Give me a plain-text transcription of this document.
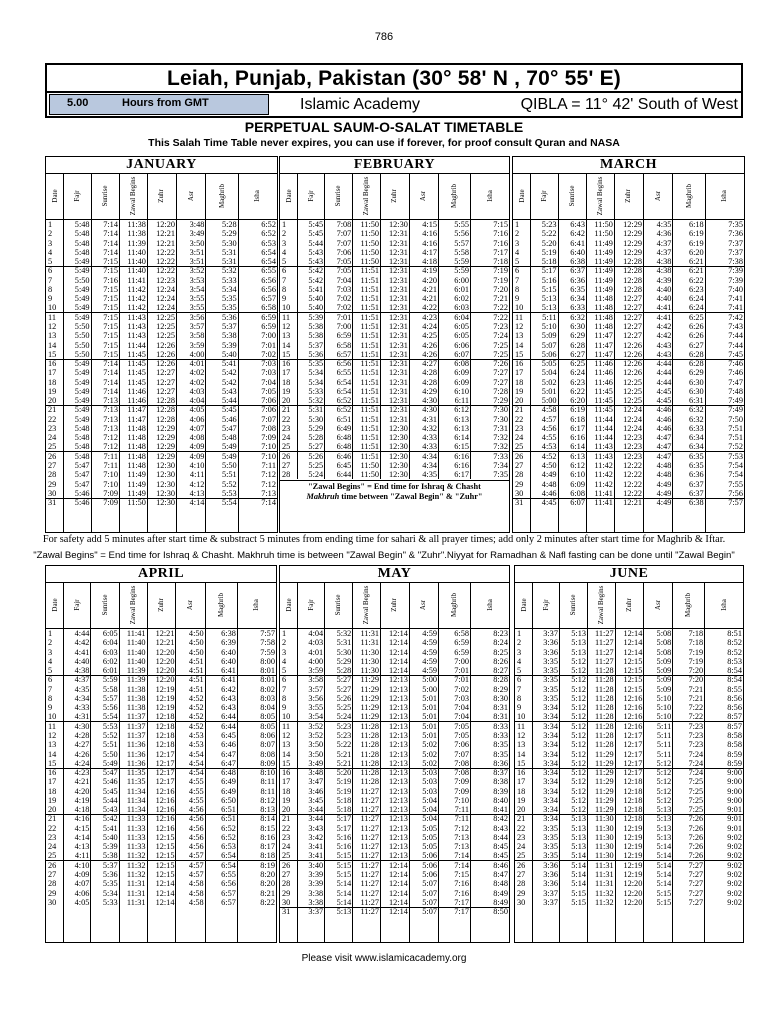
786
Leiah, Punjab, Pakistan (30° 58' N , 70° 55' E)
5.00	Hours from GMT	Islamic Academy	QIBLA = 11° 42' South of West
PERPETUAL SAUM-O-SALAT TIMETABLE
This Salah Time Table never expires, you can use if forever, for proof consult Quran and NASA
For safety add 5 minutes after start time & substract 5 minutes from ending time for sahari & all prayer times; add only 2 minutes after start time for Maghrib & Iftar.
"Zawal Begins" = End time for Ishraq & Chasht. Makhruh time is between "Zawal Begin" & "Zuhr".Niyyat for Ramadhan & Nafl fasting can be done until "Zawal Begin"
Please visit www.islamicacademy.org
JANUARY
Date Fajr	Sunrise	Zawal Begins	Zuhr	Asr	Maghrib	Isha
1	5:48	7:14	11:38	12:20	3:48	5:28	6:52
2	5:48	7:14	11:38	12:21	3:49	5:29	6:52
3	5:48	7:14	11:39	12:21	3:50	5:30	6:53
4	5:48	7:14	11:40	12:22	3:51	5:31	6:54
5	5:49	7:15	11:40	12:22	3:51	5:31	6:54
6	5:49	7:15	11:40	12:22	3:52	5:32	6:55
7	5:50	7:16	11:41	12:23	3:53	5:33	6:56
8	5:49	7:15	11:42	12:24	3:54	5:34	6:56
9	5:49	7:15	11:42	12:24	3:55	5:35	6:57
10	5:49	7:15	11:42	12:24	3:55	5:35	6:58
11	5:49	7:15	11:43	12:25	3:56	5:36	6:59
12	5:50	7:15	11:43	12:25	3:57	5:37	6:59
13	5:50	7:15	11:43	12:25	3:58	5:38	7:00
14	5:50	7:15	11:44	12:26	3:59	5:39	7:01
15	5:50	7:15	11:45	12:26	4:00	5:40	7:02
16	5:49	7:14	11:45	12:26	4:01	5:41	7:03
17	5:49	7:14	11:45	12:27	4:02	5:42	7:03
18	5:49	7:14	11:45	12:27	4:02	5:42	7:04
19	5:49	7:14	11:46	12:27	4:03	5:43	7:05
20	5:49	7:13	11:46	12:28	4:04	5:44	7:06
21	5:49	7:13	11:47	12:28	4:05	5:45	7:06
22	5:49	7:13	11:47	12:28	4:06	5:46	7:07
23	5:48	7:13	11:48	12:29	4:07	5:47	7:08
24	5:48	7:12	11:48	12:29	4:08	5:48	7:09
25	5:48	7:12	11:48	12:29	4:09	5:49	7:10
26	5:48	7:11	11:48	12:29	4:09	5:49	7:10
27	5:47	7:11	11:48	12:30	4:10	5:50	7:11
28	5:47	7:10	11:49	12:30	4:11	5:51	7:12
29	5:47	7:10	11:49	12:30	4:12	5:52	7:12
30	5:46	7:09	11:49	12:30	4:13	5:53	7:13
31	5:46	7:09	11:50	12:30	4:14	5:54	7:14
FEBRUARY
Date Fajr	Sunrise	Zawal Begins	Zuhr	Asr	Maghrib	Isha
1	5:45	7:08	11:50	12:30	4:15	5:55	7:15
2	5:45	7:07	11:50	12:31	4:16	5:56	7:16
3	5:44	7:07	11:50	12:31	4:16	5:57	7:16
4	5:43	7:06	11:50	12:31	4:17	5:58	7:17
5	5:43	7:05	11:50	12:31	4:18	5:59	7:18
6	5:42	7:05	11:51	12:31	4:19	5:59	7:19
7	5:42	7:04	11:51	12:31	4:20	6:00	7:19
8	5:41	7:03	11:51	12:31	4:21	6:01	7:20
9	5:40	7:02	11:51	12:31	4:21	6:02	7:21
10	5:40	7:02	11:51	12:31	4:22	6:03	7:22
11	5:39	7:01	11:51	12:31	4:23	6:04	7:22
12	5:38	7:00	11:51	12:31	4:24	6:05	7:23
13	5:38	6:59	11:51	12:31	4:25	6:05	7:24
14	5:37	6:58	11:51	12:31	4:26	6:06	7:25
15	5:36	6:57	11:51	12:31	4:26	6:07	7:25
16	5:35	6:56	11:51	12:31	4:27	6:08	7:26
17	5:34	6:55	11:51	12:31	4:28	6:09	7:27
18	5:34	6:54	11:51	12:31	4:28	6:09	7:27
19	5:33	6:54	11:51	12:31	4:29	6:10	7:28
20	5:32	6:52	11:51	12:31	4:30	6:11	7:29
21	5:31	6:52	11:51	12:31	4:30	6:12	7:30
22	5:30	6:51	11:51	12:31	4:31	6:13	7:30
23	5:29	6:49	11:51	12:30	4:32	6:13	7:31
24	5:28	6:48	11:51	12:30	4:33	6:14	7:32
25	5:27	6:48	11:51	12:30	4:33	6:15	7:32
26	5:26	6:46	11:51	12:30	4:34	6:16	7:33
27	5:25	6:45	11:50	12:30	4:34	6:16	7:34
28	5:24	6:44	11:50	12:30	4:35	6:17	7:35
"Zawal Begins" = End time for Ishraq & Chasht
Makhruh time between "Zawal Begin" & "Zuhr"
MARCH
Date Fajr	Sunrise	Zawal Begins	Zuhr	Asr	Maghrib	Isha
1	5:23	6:43	11:50	12:29	4:35	6:18	7:35
2	5:22	6:42	11:50	12:29	4:36	6:19	7:36
3	5:20	6:41	11:49	12:29	4:37	6:19	7:37
4	5:19	6:40	11:49	12:29	4:37	6:20	7:37
5	5:18	6:38	11:49	12:28	4:38	6:21	7:38
6	5:17	6:37	11:49	12:28	4:38	6:21	7:39
7	5:16	6:36	11:49	12:28	4:39	6:22	7:39
8	5:15	6:35	11:49	12:28	4:40	6:23	7:40
9	5:13	6:34	11:48	12:27	4:40	6:24	7:41
10	5:13	6:33	11:48	12:27	4:41	6:24	7:41
11	5:11	6:32	11:48	12:27	4:41	6:25	7:42
12	5:10	6:30	11:48	12:27	4:42	6:26	7:43
13	5:09	6:29	11:47	12:27	4:42	6:26	7:44
14	5:07	6:28	11:47	12:26	4:43	6:27	7:44
15	5:06	6:27	11:47	12:26	4:43	6:28	7:45
16	5:05	6:25	11:46	12:26	4:44	6:28	7:46
17	5:04	6:24	11:46	12:26	4:44	6:29	7:46
18	5:02	6:23	11:46	12:25	4:44	6:30	7:47
19	5:01	6:22	11:45	12:25	4:45	6:30	7:48
20	5:00	6:20	11:45	12:25	4:45	6:31	7:49
21	4:58	6:19	11:45	12:24	4:46	6:32	7:49
22	4:57	6:18	11:44	12:24	4:46	6:32	7:50
23	4:56	6:17	11:44	12:24	4:46	6:33	7:51
24	4:55	6:16	11:44	12:23	4:47	6:34	7:51
25	4:53	6:14	11:43	12:23	4:47	6:34	7:52
26	4:52	6:13	11:43	12:23	4:47	6:35	7:53
27	4:50	6:12	11:42	12:22	4:48	6:35	7:54
28	4:49	6:10	11:42	12:22	4:48	6:36	7:54
29	4:48	6:09	11:42	12:22	4:49	6:37	7:55
30	4:46	6:08	11:41	12:22	4:49	6:37	7:56
31	4:45	6:07	11:41	12:21	4:49	6:38	7:57
APRIL
Date Fajr	Sunrise	Zawal Begins	Zuhr	Asr	Maghrib	Isha
1	4:44	6:05	11:41	12:21	4:50	6:38	7:57
2	4:42	6:04	11:40	12:21	4:50	6:39	7:58
3	4:41	6:03	11:40	12:20	4:50	6:40	7:59
4	4:40	6:02	11:40	12:20	4:51	6:40	8:00
5	4:38	6:01	11:39	12:20	4:51	6:41	8:01
6	4:37	5:59	11:39	12:20	4:51	6:41	8:01
7	4:35	5:58	11:38	12:19	4:51	6:42	8:02
8	4:34	5:57	11:38	12:19	4:52	6:43	8:03
9	4:33	5:56	11:38	12:19	4:52	6:43	8:04
10	4:31	5:54	11:37	12:18	4:52	6:44	8:05
11	4:30	5:53	11:37	12:18	4:52	6:44	8:05
12	4:28	5:52	11:37	12:18	4:53	6:45	8:06
13	4:27	5:51	11:36	12:18	4:53	6:46	8:07
14	4:26	5:50	11:36	12:17	4:54	6:47	8:08
15	4:24	5:49	11:36	12:17	4:54	6:47	8:09
16	4:23	5:47	11:35	12:17	4:54	6:48	8:10
17	4:21	5:46	11:35	12:17	4:55	6:49	8:11
18	4:20	5:45	11:34	12:16	4:55	6:49	8:11
19	4:19	5:44	11:34	12:16	4:55	6:50	8:12
20	4:18	5:43	11:34	12:16	4:56	6:51	8:13
21	4:16	5:42	11:33	12:16	4:56	6:51	8:14
22	4:15	5:41	11:33	12:16	4:56	6:52	8:15
23	4:14	5:40	11:33	12:15	4:56	6:52	8:16
24	4:13	5:39	11:33	12:15	4:56	6:53	8:17
25	4:11	5:38	11:32	12:15	4:57	6:54	8:18
26	4:10	5:37	11:32	12:15	4:57	6:54	8:19
27	4:09	5:36	11:32	12:15	4:57	6:55	8:20
28	4:07	5:35	11:31	12:14	4:58	6:56	8:20
29	4:06	5:34	11:31	12:14	4:58	6:57	8:21
30	4:05	5:33	11:31	12:14	4:58	6:57	8:22
MAY
Date Fajr	Sunrise	Zawal Begins	Zuhr	Asr	Maghrib	Isha
1	4:04	5:32	11:31	12:14	4:59	6:58	8:23
2	4:03	5:31	11:31	12:14	4:59	6:59	8:24
3	4:01	5:30	11:30	12:14	4:59	6:59	8:25
4	4:00	5:29	11:30	12:14	4:59	7:00	8:26
5	3:59	5:28	11:30	12:14	4:59	7:01	8:27
6	3:58	5:27	11:29	12:13	5:00	7:01	8:28
7	3:57	5:27	11:29	12:13	5:00	7:02	8:29
8	3:56	5:26	11:29	12:13	5:01	7:03	8:30
9	3:55	5:25	11:29	12:13	5:01	7:04	8:31
10	3:54	5:24	11:29	12:13	5:01	7:04	8:31
11	3:52	5:23	11:28	12:13	5:01	7:05	8:33
12	3:52	5:23	11:28	12:13	5:01	7:05	8:33
13	3:50	5:22	11:28	12:13	5:02	7:06	8:35
14	3:50	5:21	11:28	12:13	5:02	7:07	8:35
15	3:49	5:21	11:28	12:13	5:02	7:08	8:36
16	3:48	5:20	11:28	12:13	5:03	7:08	8:37
17	3:47	5:19	11:28	12:13	5:03	7:09	8:38
18	3:46	5:19	11:27	12:13	5:03	7:09	8:39
19	3:45	5:18	11:27	12:13	5:04	7:10	8:40
20	3:44	5:18	11:27	12:13	5:04	7:11	8:41
21	3:44	5:17	11:27	12:13	5:04	7:11	8:42
22	3:43	5:17	11:27	12:13	5:05	7:12	8:43
23	3:42	5:16	11:27	12:13	5:05	7:13	8:44
24	3:41	5:16	11:27	12:13	5:05	7:13	8:45
25	3:41	5:15	11:27	12:13	5:06	7:14	8:45
26	3:40	5:15	11:27	12:14	5:06	7:14	8:46
27	3:39	5:15	11:27	12:14	5:06	7:15	8:47
28	3:39	5:14	11:27	12:14	5:07	7:16	8:48
29	3:38	5:14	11:27	12:14	5:07	7:16	8:49
30	3:38	5:14	11:27	12:14	5:07	7:17	8:49
31	3:37	5:13	11:27	12:14	5:07	7:17	8:50
JUNE
Date Fajr	Sunrise	Zawal Begins	Zuhr	Asr	Maghrib	Isha
1	3:37	5:13	11:27	12:14	5:08	7:18	8:51
2	3:36	5:13	11:27	12:14	5:08	7:18	8:52
3	3:36	5:13	11:27	12:14	5:08	7:19	8:52
4	3:35	5:12	11:27	12:15	5:09	7:19	8:53
5	3:35	5:12	11:28	12:15	5:09	7:20	8:54
6	3:35	5:12	11:28	12:15	5:09	7:20	8:54
7	3:35	5:12	11:28	12:15	5:09	7:21	8:55
8	3:35	5:12	11:28	12:16	5:10	7:21	8:56
9	3:34	5:12	11:28	12:16	5:10	7:22	8:56
10	3:34	5:12	11:28	12:16	5:10	7:22	8:57
11	3:34	5:12	11:28	12:16	5:11	7:23	8:57
12	3:34	5:12	11:28	12:17	5:11	7:23	8:58
13	3:34	5:12	11:28	12:17	5:11	7:23	8:58
14	3:34	5:12	11:29	12:17	5:11	7:24	8:59
15	3:34	5:12	11:29	12:17	5:12	7:24	8:59
16	3:34	5:12	11:29	12:17	5:12	7:24	9:00
17	3:34	5:12	11:29	12:18	5:12	7:25	9:00
18	3:34	5:12	11:29	12:18	5:12	7:25	9:00
19	3:34	5:12	11:29	12:18	5:12	7:25	9:00
20	3:34	5:12	11:29	12:18	5:13	7:25	9:01
21	3:34	5:13	11:30	12:18	5:13	7:26	9:01
22	3:35	5:13	11:30	12:19	5:13	7:26	9:01
23	3:35	5:13	11:30	12:19	5:13	7:26	9:02
24	3:35	5:13	11:30	12:19	5:14	7:26	9:02
25	3:35	5:14	11:30	12:19	5:14	7:26	9:02
26	3:36	5:14	11:31	12:19	5:14	7:27	9:02
27	3:36	5:14	11:31	12:19	5:14	7:27	9:02
28	3:36	5:14	11:31	12:20	5:14	7:27	9:02
29	3:37	5:15	11:32	12:20	5:15	7:27	9:02
30	3:37	5:15	11:32	12:20	5:15	7:27	9:02
